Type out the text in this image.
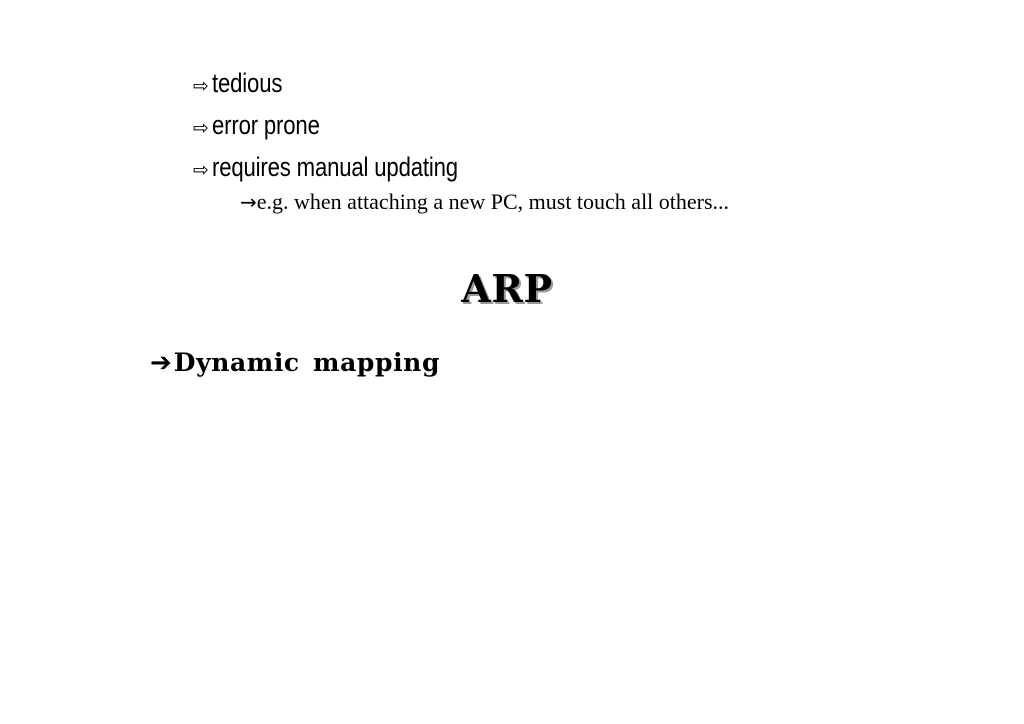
⇨ tedious
⇨ error prone
⇨ requires manual updating
→ e.g. when attaching a new PC, must touch all others...
ARP
➔ Dynamic mapping
